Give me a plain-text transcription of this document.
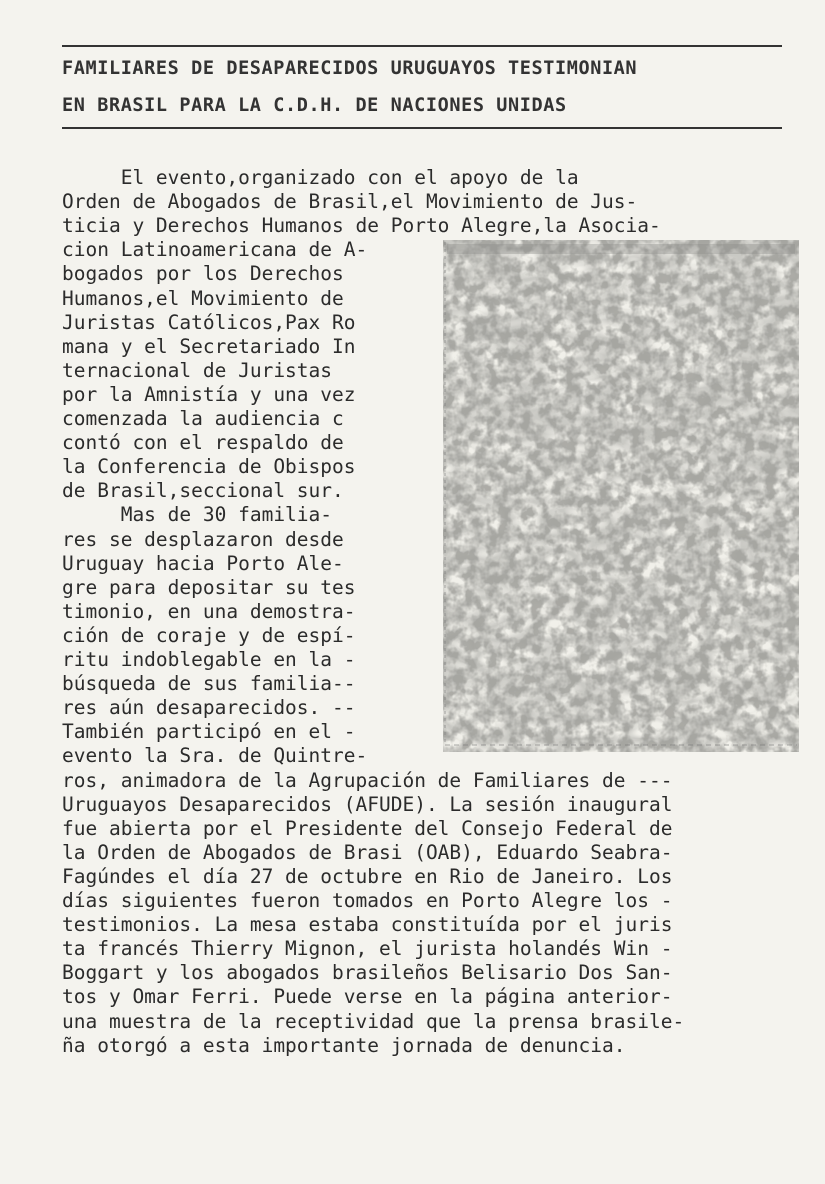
FAMILIARES DE DESAPARECIDOS URUGUAYOS TESTIMONIAN
EN BRASIL PARA LA C.D.H. DE NACIONES UNIDAS
El evento,organizado con el apoyo de la
Orden de Abogados de Brasil,el Movimiento de Jus-
ticia y Derechos Humanos de Porto Alegre,la Asocia-
cion Latinoamericana de A-
bogados por los Derechos
Humanos,el Movimiento de
Juristas Católicos,Pax Ro
mana y el Secretariado In
ternacional de Juristas
por la Amnistía y una vez
comenzada la audiencia c
contó con el respaldo de
la Conferencia de Obispos
de Brasil,seccional sur.
Mas de 30 familia-
res se desplazaron desde
Uruguay hacia Porto Ale-
gre para depositar su tes
timonio, en una demostra-
ción de coraje y de espí-
ritu indoblegable en la -
búsqueda de sus familia--
res aún desaparecidos. --
También participó en el -
evento la Sra. de Quintre-
ros, animadora de la Agrupación de Familiares de ---
Uruguayos Desaparecidos (AFUDE). La sesión inaugural
fue abierta por el Presidente del Consejo Federal de
la Orden de Abogados de Brasi (OAB), Eduardo Seabra-
Fagúndes el día 27 de octubre en Rio de Janeiro. Los
días siguientes fueron tomados en Porto Alegre los -
testimonios. La mesa estaba constituída por el juris
ta francés Thierry Mignon, el jurista holandés Win -
Boggart y los abogados brasileños Belisario Dos San-
tos y Omar Ferri. Puede verse en la página anterior-
una muestra de la receptividad que la prensa brasile-
ña otorgó a esta importante jornada de denuncia.
